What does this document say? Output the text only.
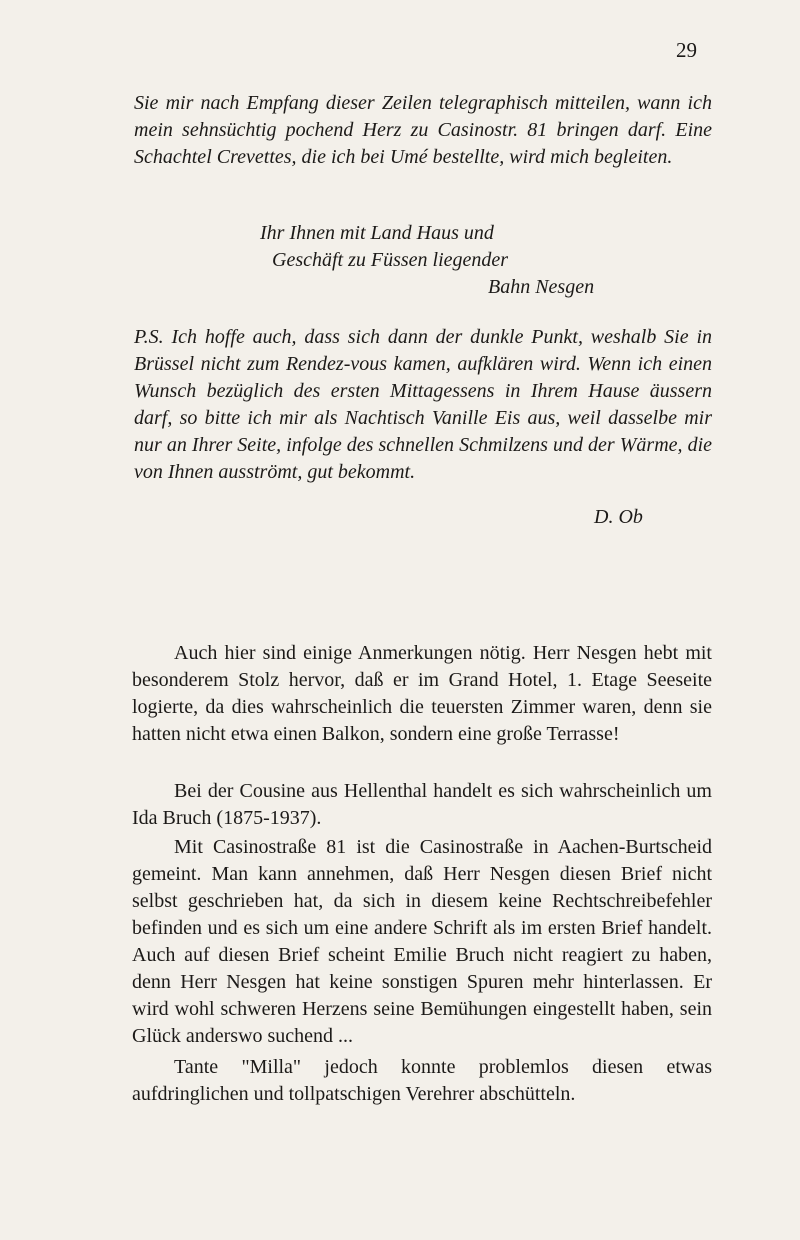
29
Sie mir nach Empfang dieser Zeilen telegraphisch mitteilen, wann ich mein sehnsüchtig pochend Herz zu Casinostr. 81 bringen darf. Eine Schachtel Crevettes, die ich bei Umé bestellte, wird mich begleiten.
Ihr Ihnen mit Land Haus und
Geschäft zu Füssen liegender
Bahn Nesgen
P.S. Ich hoffe auch, dass sich dann der dunkle Punkt, weshalb Sie in Brüssel nicht zum Rendez-vous kamen, aufklären wird. Wenn ich einen Wunsch bezüglich des ersten Mittagessens in Ihrem Hause äussern darf, so bitte ich mir als Nachtisch Vanille Eis aus, weil dasselbe mir nur an Ihrer Seite, infolge des schnellen Schmilzens und der Wärme, die von Ihnen ausströmt, gut bekommt.
D. Ob

Auch hier sind einige Anmerkungen nötig. Herr Nesgen hebt mit besonderem Stolz hervor, daß er im Grand Hotel, 1. Etage Seeseite logierte, da dies wahrscheinlich die teuersten Zimmer waren, denn sie hatten nicht etwa einen Balkon, sondern eine große Terrasse!

Bei der Cousine aus Hellenthal handelt es sich wahrscheinlich um Ida Bruch (1875-1937).

Mit Casinostraße 81 ist die Casinostraße in Aachen-Burtscheid gemeint. Man kann annehmen, daß Herr Nesgen diesen Brief nicht selbst geschrieben hat, da sich in diesem keine Rechtschreibefehler befinden und es sich um eine andere Schrift als im ersten Brief handelt. Auch auf diesen Brief scheint Emilie Bruch nicht reagiert zu haben, denn Herr Nesgen hat keine sonstigen Spuren mehr hinterlassen. Er wird wohl schweren Herzens seine Bemühungen eingestellt haben, sein Glück anderswo suchend ...

Tante "Milla" jedoch konnte problemlos diesen etwas aufdringlichen und tollpatschigen Verehrer abschütteln.
